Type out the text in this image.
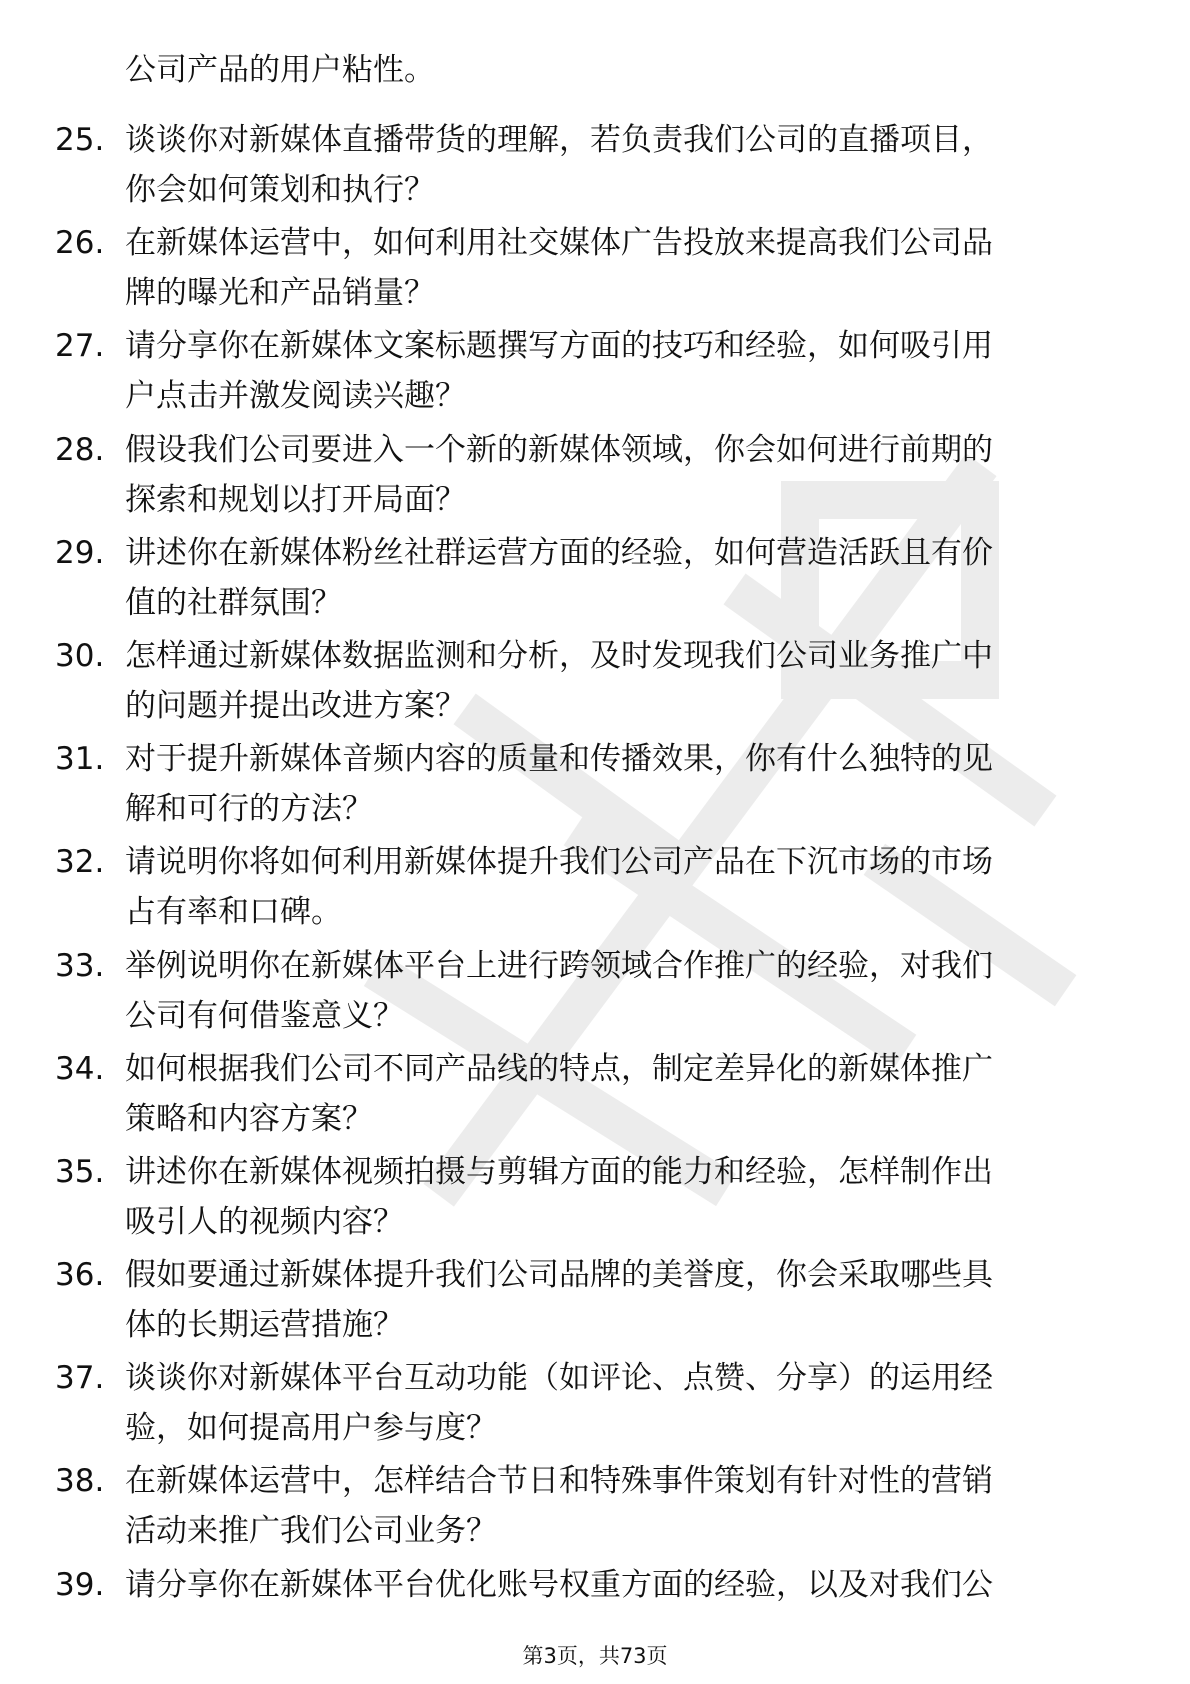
公司产品的用户粘性。
25. 谈谈你对新媒体直播带货的理解，若负责我们公司的直播项目，
你会如何策划和执行？
26. 在新媒体运营中，如何利用社交媒体广告投放来提高我们公司品
牌的曝光和产品销量？
27. 请分享你在新媒体文案标题撰写方面的技巧和经验，如何吸引用
户点击并激发阅读兴趣？
28. 假设我们公司要进入一个新的新媒体领域，你会如何进行前期的
探索和规划以打开局面？
29. 讲述你在新媒体粉丝社群运营方面的经验，如何营造活跃且有价
值的社群氛围？
30. 怎样通过新媒体数据监测和分析，及时发现我们公司业务推广中
的问题并提出改进方案？
31. 对于提升新媒体音频内容的质量和传播效果，你有什么独特的见
解和可行的方法？
32. 请说明你将如何利用新媒体提升我们公司产品在下沉市场的市场
占有率和口碑。
33. 举例说明你在新媒体平台上进行跨领域合作推广的经验，对我们
公司有何借鉴意义？
34. 如何根据我们公司不同产品线的特点，制定差异化的新媒体推广
策略和内容方案？
35. 讲述你在新媒体视频拍摄与剪辑方面的能力和经验，怎样制作出
吸引人的视频内容？
36. 假如要通过新媒体提升我们公司品牌的美誉度，你会采取哪些具
体的长期运营措施？
37. 谈谈你对新媒体平台互动功能（如评论、点赞、分享）的运用经
验，如何提高用户参与度？
38. 在新媒体运营中，怎样结合节日和特殊事件策划有针对性的营销
活动来推广我们公司业务？
39. 请分享你在新媒体平台优化账号权重方面的经验，以及对我们公
第3页，共73页
